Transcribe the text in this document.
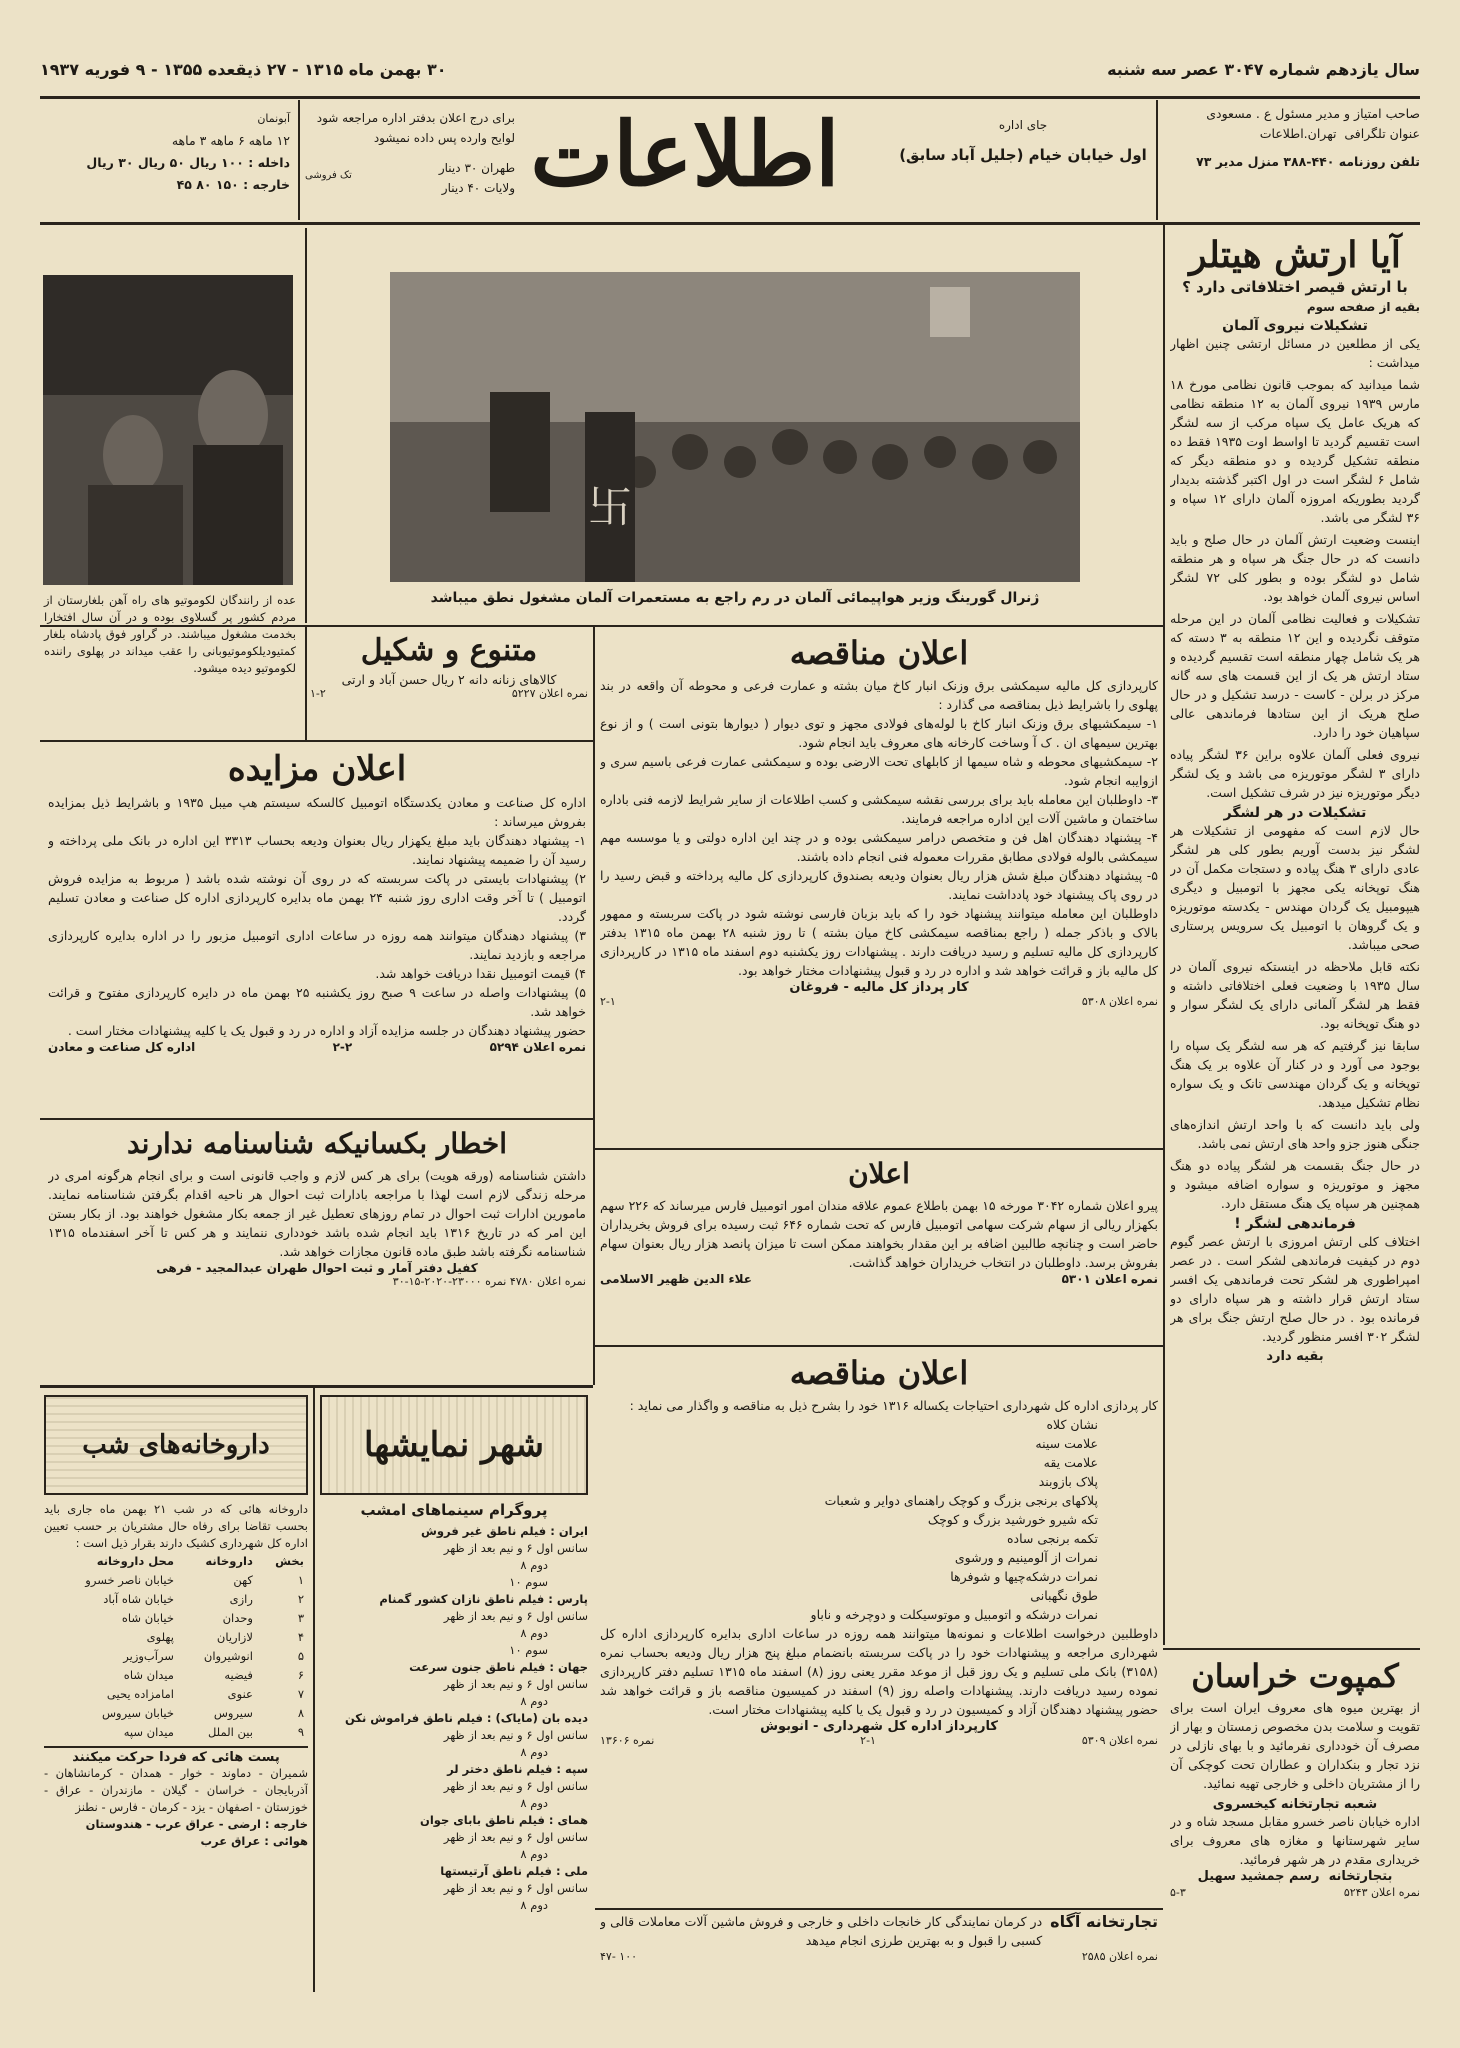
سال یازدهم شماره ۳۰۴۷ عصر سه شنبه
۳۰ بهمن ماه ۱۳۱۵ - ۲۷ ذیقعده ۱۳۵۵ - ۹ فوریه ۱۹۳۷
صاحب امتیاز و مدیر مسئول ع . مسعودی
عنوان تلگرافی  تهران.اطلاعات
تلفن روزنامه ۴۴۰-۳۸۸ منزل مدیر ۷۳
جای اداره
اول خیابان خیام (جلیل آباد سابق)
اطلاعات
برای درج اعلان بدفتر اداره مراجعه شود
لوایح وارده پس داده نمیشود
طهران ۳۰ دینار
ولایات ۴۰ دینار
تک فروشی
آبونمان
۱۲ ماهه ۶ ماهه ۳ ماهه
داخله : ۱۰۰ ریال ۵۰ ریال ۳۰ ریال
خارجه : ۱۵۰ ۸۰ ۴۵
آیا ارتش هیتلر
با ارتش قیصر اختلافاتی دارد ؟
بقیه از صفحه سوم
تشکیلات نیروی آلمان

یکی از مطلعین در مسائل ارتشی چنین اظهار میداشت :

شما میدانید که بموجب قانون نظامی مورخ ۱۸ مارس ۱۹۳۹ نیروی آلمان به ۱۲ منطقه نظامی که هریک عامل یک سپاه مرکب از سه لشگر است تقسیم گردید تا اواسط اوت ۱۹۳۵ فقط ده منطقه تشکیل گردیده و دو منطقه دیگر که شامل ۶ لشگر است در اول اکتبر گذشته بدیدار گردید بطوریکه امروزه آلمان دارای ۱۲ سپاه و ۳۶ لشگر می باشد.

اینست وضعیت ارتش آلمان در حال صلح و باید دانست که در حال جنگ هر سپاه و هر منطقه شامل دو لشگر بوده و بطور کلی ۷۲ لشگر اساس نیروی آلمان خواهد بود.

تشکیلات و فعالیت نظامی آلمان در این مرحله متوقف نگردیده و این ۱۲ منطقه به ۳ دسته که هر یک شامل چهار منطقه است تقسیم گردیده و ستاد ارتش هر یک از این قسمت های سه گانه مرکز در برلن - کاست - درسد تشکیل و در حال صلح هریک از این ستادها فرماندهی عالی سپاهیان خود را دارد.

نیروی فعلی آلمان علاوه براین ۳۶ لشگر پیاده دارای ۳ لشگر موتوریزه می باشد و یک لشگر دیگر موتوریزه نیز در شرف تشکیل است.

تشکیلات در هر لشگر

حال لازم است که مفهومی از تشکیلات هر لشگر نیز بدست آوریم بطور کلی هر لشگر عادی دارای ۳ هنگ پیاده و دستجات مکمل آن در هنگ توپخانه یکی مجهز با اتومبیل و دیگری هیپومبیل یک گردان مهندس - یکدسته موتوریزه و یک گروهان با اتومبیل یک سرویس پرستاری صحی میباشد.

نکته قابل ملاحظه در اینستکه نیروی آلمان در سال ۱۹۳۵ با وضعیت فعلی اختلافاتی داشته و فقط هر لشگر آلمانی دارای یک لشگر سوار و دو هنگ توپخانه بود.

سابقا نیز گرفتیم که هر سه لشگر یک سپاه را بوجود می آورد و در کنار آن علاوه بر یک هنگ توپخانه و یک گردان مهندسی تانک و یک سواره نظام تشکیل میدهد.

ولی باید دانست که با واحد ارتش اندازه‌های جنگی هنوز جزو واحد های ارتش نمی باشد.

در حال جنگ بقسمت هر لشگر پیاده دو هنگ مجهز و موتوریزه و سواره اضافه میشود و همچنین هر سپاه یک هنگ مستقل دارد.

فرماندهی لشگر !

اختلاف کلی ارتش امروزی با ارتش عصر گیوم دوم در کیفیت فرماندهی لشکر است . در عصر امپراطوری هر لشکر تحت فرماندهی یک افسر ستاد ارتش قرار داشته و هر سپاه دارای دو فرمانده بود . در حال صلح ارتش جنگ برای هر لشگر ۳۰۲ افسر منظور گردید.

بقیه دارد
کمپوت خراسان

از بهترین میوه های معروف ایران است برای تقویت و سلامت بدن مخصوص زمستان و بهار از مصرف آن خودداری نفرمائید و با بهای نازلی در نزد تجار و بنکداران و عطاران تحت کوچکی آن را از مشتریان داخلی و خارجی تهیه نمائید.

شعبه تجارتخانه کیخسروی

اداره خیابان ناصر خسرو مقابل مسجد شاه و در سایر شهرستانها و مغازه های معروف برای خریداری مقدم در هر شهر فرمائید.

بتجارتخانه ‌ رسم جمشید سهیل
نمره اعلان ۵۲۴۳
۵-۳
卐
ژنرال گورینگ وزیر هواپیمائی آلمان در رم راجع به مستعمرات آلمان مشغول نطق میباشد

عده از رانندگان لکوموتیو های راه آهن بلغارستان از مردم کشور پر گسلاوی بوده و در آن سال افتخارا بخدمت مشغول میباشند. در گراور فوق پادشاه بلغار کمتیودیلکوموتیوبانی را عقب میداند در پهلوی راننده لکوموتیو دیده میشود.	متنوع و شکیل
کالاهای زنانه دانه ۲ ریال حسن آباد و ارتی
نمره اعلان ۵۲۲۷
۱-۲
اعلان مزایده

اداره کل صناعت و معادن یکدستگاه اتومبیل کالسکه سیستم هپ میبل ۱۹۳۵ و باشرایط ذیل بمزایده بفروش میرساند :

۱- پیشنهاد دهندگان باید مبلغ یکهزار ریال بعنوان ودیعه بحساب ۳۳۱۳ این اداره در بانک ملی پرداخته و رسید آن را ضمیمه پیشنهاد نمایند.
۲) پیشنهادات بایستی در پاکت سربسته که در روی آن نوشته شده باشد ( مربوط به مزایده فروش اتومبیل ) تا آخر وقت اداری روز شنبه ۲۴ بهمن ماه بدایره کارپردازی اداره کل صناعت و معادن تسلیم گردد.
۳) پیشنهاد دهندگان میتوانند همه روزه در ساعات اداری اتومبیل مزبور را در اداره بدایره کارپردازی مراجعه و بازدید نمایند.
۴) قیمت اتومبیل نقدا دریافت خواهد شد.
۵) پیشنهادات واصله در ساعت ۹ صبح روز یکشنبه ۲۵ بهمن ماه در دایره کارپردازی مفتوح و قرائت خواهد شد.

حضور پیشنهاد دهندگان در جلسه مزایده آزاد و اداره در رد و قبول یک یا کلیه پیشنهادات مختار است .

نمره اعلان ۵۲۹۴
۲-۲
اداره کل صناعت و معادن
اخطار بکسانیکه شناسنامه ندارند

داشتن شناسنامه (ورقه هویت) برای هر کس لازم و واجب قانونی است و برای انجام هرگونه امری در مرحله زندگی لازم است لهذا با مراجعه بادارات ثبت احوال هر ناحیه اقدام بگرفتن شناسنامه نمایند. مامورین ادارات ثبت احوال در تمام روزهای تعطیل غیر از جمعه بکار مشغول خواهند بود. از بکار بستن این امر که در تاریخ ۱۳۱۶ باید انجام شده باشد خودداری ننمایند و هر کس تا آخر اسفندماه ۱۳۱۵ شناسنامه نگرفته باشد طبق ماده قانون مجازات خواهد شد.

کفیل دفتر آمار و ثبت احوال طهران عبدالمجید - فرهی
نمره اعلان ۴۷۸۰ نمره ۲۳۰۰۰-۲۰۲۰-۱۵-۳۰
اعلان مناقصه

کارپردازی کل مالیه سیمکشی برق وزنک انبار کاخ میان بشته و عمارت فرعی و محوطه آن واقعه در بند پهلوی را باشرایط ذیل بمناقصه می گذارد :

۱- سیمکشیهای برق وزنک انبار کاخ با لوله‌های فولادی مجهز و توی دیوار ( دیوارها بتونی است ) و از نوع بهترین سیمهای ان . ک آ وساخت کارخانه های معروف باید انجام شود.
۲- سیمکشیهای محوطه و شاه سیمها از کابلهای تحت الارضی بوده و سیمکشی عمارت فرعی باسیم سری و ازوایبه انجام شود.
۳- داوطلبان این معامله باید برای بررسی نقشه سیمکشی و کسب اطلاعات از سایر شرایط لازمه فنی باداره ساختمان و ماشین آلات این اداره مراجعه فرمایند.
۴- پیشنهاد دهندگان اهل فن و متخصص درامر سیمکشی بوده و در چند این اداره دولتی و یا موسسه مهم سیمکشی بالوله فولادی مطابق مقررات معموله فنی انجام داده باشند.
۵- پیشنهاد دهندگان مبلغ شش هزار ریال بعنوان ودیعه بصندوق کارپردازی کل مالیه پرداخته و قبض رسید را در روی پاک پیشنهاد خود پادداشت نمایند.

داوطلبان این معامله میتوانند پیشنهاد خود را که باید بزبان فارسی نوشته شود در پاکت سربسته و ممهور بالاک و باذکر جمله ( راجع بمناقصه سیمکشی کاخ میان بشته ) تا روز شنبه ۲۸ بهمن ماه ۱۳۱۵ بدفتر کارپردازی کل مالیه تسلیم و رسید دریافت دارند . پیشنهادات روز یکشنبه دوم اسفند ماه ۱۳۱۵ در کارپردازی کل مالیه باز و قرائت خواهد شد و اداره در رد و قبول پیشنهادات مختار خواهد بود.

کار پرداز کل مالیه - فروغان
نمره اعلان ۵۳۰۸
۲-۱
اعلان

پیرو اعلان شماره ۳۰۴۲ مورخه ۱۵ بهمن باطلاع عموم علاقه مندان امور اتومبیل فارس میرساند که ۲۲۶ سهم بکهزار ریالی از سهام شرکت سهامی اتومبیل فارس که تحت شماره ۶۴۶ ثبت رسیده برای فروش بخریداران حاضر است و چنانچه طالبین اضافه بر این مقدار بخواهند ممکن است تا میزان پانصد هزار ریال بعنوان سهام بفروش برسد. داوطلبان در انتخاب خریداران خواهد گذاشت.

نمره اعلان ۵۳۰۱
علاء الدین ظهیر الاسلامی
اعلان مناقصه

کار پردازی اداره کل شهرداری احتیاجات یکساله ۱۳۱۶ خود را بشرح ذیل به مناقصه و واگذار می نماید :

نشان کلاه
علامت سینه
علامت یقه
پلاک بازوبند
پلاکهای برنجی بزرگ و کوچک راهنمای دوایر و شعبات
تکه شیرو خورشید بزرگ و کوچک
تکمه برنجی ساده
نمرات از آلومینیم و ورشوی
نمرات درشکه‌چیها و شوفرها
طوق نگهبانی
نمرات درشکه و اتومبیل و موتوسیکلت و دوچرخه و ناباو

داوطلبین درخواست اطلاعات و نمونه‌ها میتوانند همه روزه در ساعات اداری بدایره کارپردازی اداره کل شهرداری مراجعه و پیشنهادات خود را در پاکت سربسته بانضمام مبلغ پنج هزار ریال ودیعه بحساب نمره (۳۱۵۸) بانک ملی تسلیم و یک روز قبل از موعد مقرر یعنی روز (۸) اسفند ماه ۱۳۱۵ تسلیم دفتر کارپردازی نموده رسید دریافت دارند. پیشنهادات واصله روز (۹) اسفند در کمیسیون مناقصه باز و قرائت خواهد شد حضور پیشنهاد دهندگان آزاد و کمیسیون در رد و قبول یک یا کلیه پیشنهادات مختار است.

کارپرداز اداره کل شهرداری - انوبوش
نمره اعلان ۵۳۰۹
۲-۱
نمره ۱۳۶۰۶
تجارتخانه آگاه

در کرمان نمایندگی کار خانجات داخلی و خارجی و فروش ماشین آلات معاملات قالی و کسبی را قبول و به بهترین طرزی انجام میدهد

نمره اعلان ۲۵۸۵
۱۰۰ -۴۷
شهر نمایشها
پروگرام سینماهای امشب
ایران : فیلم ناطق غیر فروش
سانس اول ۶ و نیم بعد از ظهر
دوم ۸
سوم ۱۰
پارس : فیلم ناطق نازان کشور گمنام
سانس اول ۶ و نیم بعد از ظهر
دوم ۸
سوم ۱۰
جهان : فیلم ناطق جنون سرعت
سانس اول ۶ و نیم بعد از ظهر
دوم ۸
دیده بان (مایاک) : فیلم ناطق فراموش نکن
سانس اول ۶ و نیم بعد از ظهر
دوم ۸
سپه : فیلم ناطق دختر لر
سانس اول ۶ و نیم بعد از ظهر
دوم ۸
همای : فیلم ناطق بابای جوان
سانس اول ۶ و نیم بعد از ظهر
دوم ۸
ملی : فیلم ناطق آرتیستها
سانس اول ۶ و نیم بعد از ظهر
دوم ۸
داروخانه‌های شب

داروخانه هائی که در شب ۲۱ بهمن ماه جاری باید بحسب تقاضا برای رفاه حال مشتریان بر حسب تعیین اداره کل شهرداری کشیک دارند بقرار ذیل است :

بخش	داروخانه	محل داروخانه
۱	کهن	خیابان ناصر خسرو
۲	رازی	خیابان شاه آباد
۳	وحدان	خیابان شاه
۴	لازاریان	پهلوی
۵	انوشیروان	سرآب‌وزیر
۶	فیضیه	میدان شاه
۷	عنوی	امامزاده یحیی
۸	سیروس	خیابان سیروس
۹	بین الملل	میدان سپه
پست هائی که فردا حرکت میکنند

شمیران - دماوند - خوار - همدان - کرمانشاهان - آذربایجان - خراسان - گیلان - مازندران - عراق - خوزستان - اصفهان - یزد - کرمان - فارس - نطنز

خارجه : ارضی - عراق عرب - هندوستان
هوائی : عراق عرب
